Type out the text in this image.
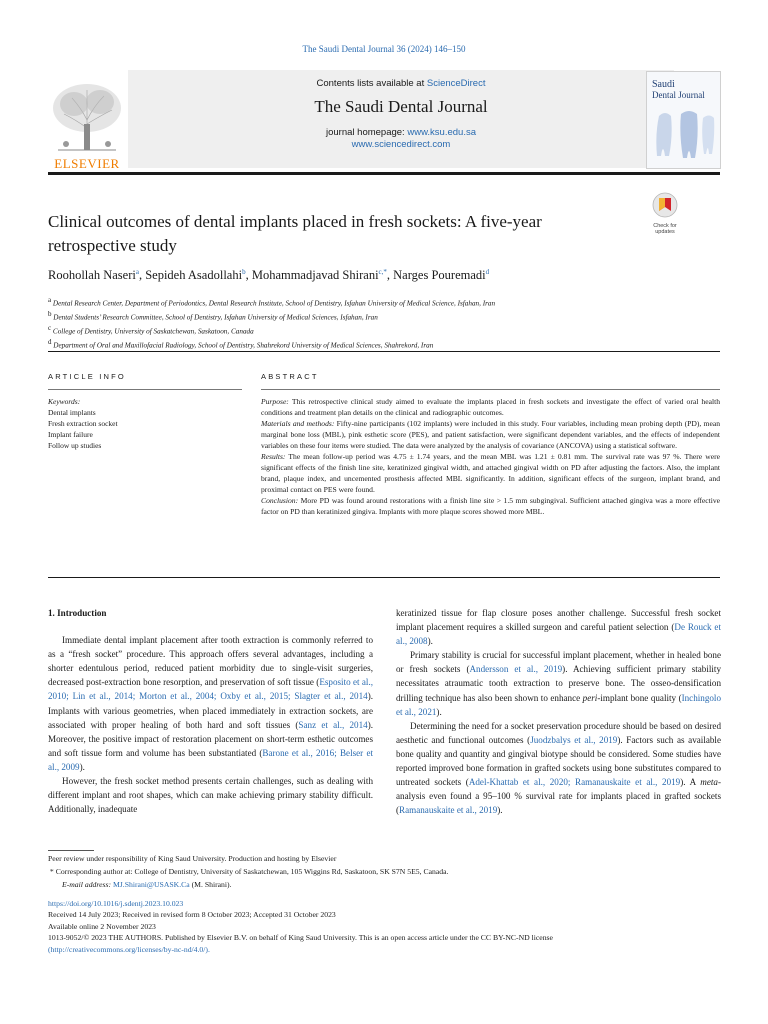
The Saudi Dental Journal 36 (2024) 146–150
ELSEVIER
Contents lists available at ScienceDirect
The Saudi Dental Journal
journal homepage: www.ksu.edu.sa
www.sciencedirect.com
Saudi
Dental Journal
Clinical outcomes of dental implants placed in fresh sockets: A five-year retrospective study
Check for
updates
Roohollah Naseri$^a$, Sepideh Asadollahi$^b$, Mohammadjavad Shirani$^{c,*}$, Narges Pouremadi$^d$
$^a$ Dental Research Center, Department of Periodontics, Dental Research Institute, School of Dentistry, Isfahan University of Medical Science, Isfahan, Iran
$^b$ Dental Students’ Research Committee, School of Dentistry, Isfahan University of Medical Sciences, Isfahan, Iran
$^c$ College of Dentistry, University of Saskatchewan, Saskatoon, Canada
$^d$ Department of Oral and Maxillofacial Radiology, School of Dentistry, Shahrekord University of Medical Sciences, Shahrekord, Iran
ARTICLE INFO
Keywords:
Dental implants
Fresh extraction socket
Implant failure
Follow up studies
ABSTRACT

Purpose: This retrospective clinical study aimed to evaluate the implants placed in fresh sockets and investigate the effect of varied oral health conditions and treatment plan details on the clinical and radiographic outcomes.

Materials and methods: Fifty-nine participants (102 implants) were included in this study. Four variables, including mean probing depth (PD), mean marginal bone loss (MBL), pink esthetic score (PES), and patient satisfaction, were significant dependent variables, and the effects of independent variables on these four items were studied. The data were analyzed by the analysis of covariance (ANCOVA) using a statistical software.

Results: The mean follow-up period was 4.75 ± 1.74 years, and the mean MBL was 1.21 ± 0.81 mm. The survival rate was 97 %. There were significant effects of the finish line site, keratinized gingival width, and attached gingival width on PD after adjusting the factors. Also, the implant brand, plaque index, and uncemented prosthesis affected MBL significantly. In addition, significant effects of the surgeon, implant brand, and proximal contact on PES were found.

Conclusion: More PD was found around restorations with a finish line site > 1.5 mm subgingival. Sufficient attached gingiva was a more effective factor on PD than keratinized gingiva. Implants with more plaque scores showed more MBL.

1. Introduction

Immediate dental implant placement after tooth extraction is commonly referred to as a “fresh socket” procedure. This approach offers several advantages, including a shorter edentulous period, reduced patient morbidity due to single-visit surgeries, decreased post-extraction bone resorption, and preservation of soft tissue (Esposito et al., 2010; Lin et al., 2014; Morton et al., 2004; Oxby et al., 2015; Slagter et al., 2014). Implants with various geometries, when placed immediately in extraction sockets, are associated with proper healing of both hard and soft tissues (Sanz et al., 2014). Moreover, the positive impact of restoration placement on short-term esthetic outcomes and soft tissue form and volume has been substantiated (Barone et al., 2016; Belser et al., 2009).

However, the fresh socket method presents certain challenges, such as dealing with different implant and root shapes, which can make achieving primary stability difficult. Additionally, inadequate

keratinized tissue for flap closure poses another challenge. Successful fresh socket implant placement requires a skilled surgeon and careful patient selection (De Rouck et al., 2008).

Primary stability is crucial for successful implant placement, whether in healed bone or fresh sockets (Andersson et al., 2019). Achieving sufficient primary stability necessitates atraumatic tooth extraction to preserve bone. The osseo-densification drilling technique has also been shown to enhance peri-implant bone quality (Inchingolo et al., 2021).

Determining the need for a socket preservation procedure should be based on desired aesthetic and functional outcomes (Juodzbalys et al., 2019). Factors such as available bone quality and quantity and gingival biotype should be considered. Some studies have reported improved bone formation in grafted sockets using bone substitutes compared to untreated sockets (Adel-Khattab et al., 2020; Ramanauskaite et al., 2019). A meta-analysis even found a 95–100 % survival rate for implants placed in grafted sockets (Ramanauskaite et al., 2019).

Peer review under responsibility of King Saud University. Production and hosting by Elsevier

* Corresponding author at: College of Dentistry, University of Saskatchewan, 105 Wiggins Rd, Saskatoon, SK S7N 5E5, Canada.

E-mail address: MJ.Shirani@USASK.Ca (M. Shirani).

https://doi.org/10.1016/j.sdentj.2023.10.023

Received 14 July 2023; Received in revised form 8 October 2023; Accepted 31 October 2023

Available online 2 November 2023

1013-9052/© 2023 THE AUTHORS. Published by Elsevier B.V. on behalf of King Saud University. This is an open access article under the CC BY-NC-ND license

(http://creativecommons.org/licenses/by-nc-nd/4.0/).
